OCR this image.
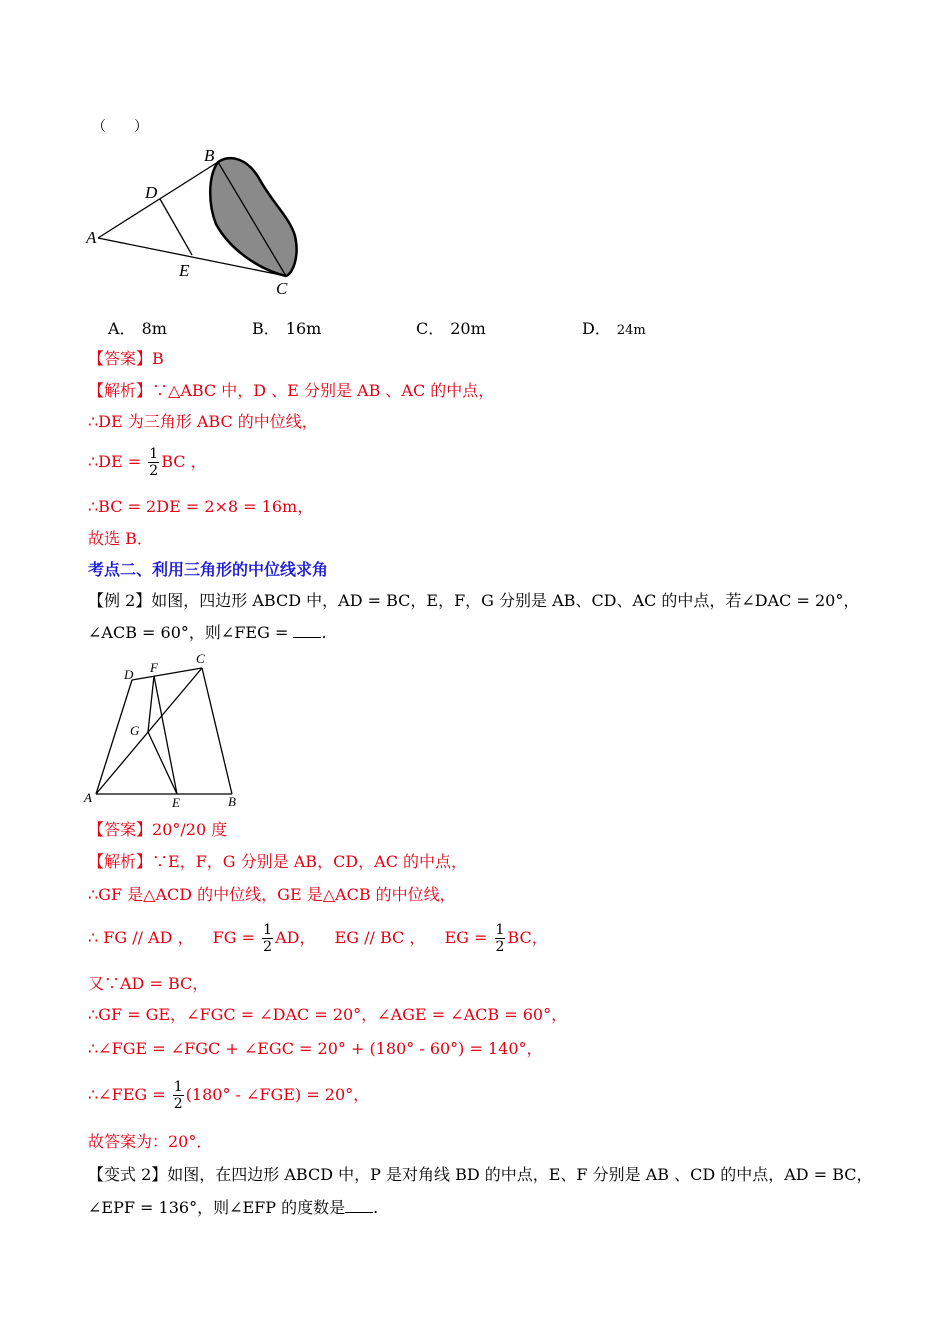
（　　）
A
B
C
D
E
A． 8m	B． 16m	C． 20m	D． 24m
【答案】B
【解析】∵△ABC 中，D 、E 分别是 AB 、AC 的中点，
∴DE 为三角形 ABC 的中位线，
∴DE = $\frac{1}{2}$ BC ，
∴BC = 2DE = 2×8 = 16m，
故选 B．
考点二、利用三角形的中位线求角
【例 2】如图，四边形 ABCD 中，AD = BC，E，F，G 分别是 AB、CD、AC 的中点，若∠DAC = 20°，
∠ACB = 60°，则∠FEG = .
A	B
C
D
E
F
G
【答案】20°/20 度
【解析】∵E，F，G 分别是 AB，CD，AC 的中点，
∴GF 是△ACD 的中位线，GE 是△ACB 的中位线，
∴ FG // AD ， FG = $\frac{1}{2}$ AD， EG // BC ， EG = $\frac{1}{2}$ BC，
又∵AD = BC，
∴GF = GE，∠FGC = ∠DAC = 20°，∠AGE = ∠ACB = 60°，
∴∠FGE = ∠FGC + ∠EGC = 20° + (180° - 60°) = 140°，
∴∠FEG = $\frac{1}{2} (180^\circ$ - ∠FGE) = 20°，
故答案为：20°．
【变式 2】如图，在四边形 ABCD 中，P 是对角线 BD 的中点，E、F 分别是 AB 、CD 的中点，AD = BC，
∠EPF = 136°，则∠EFP 的度数是 .
